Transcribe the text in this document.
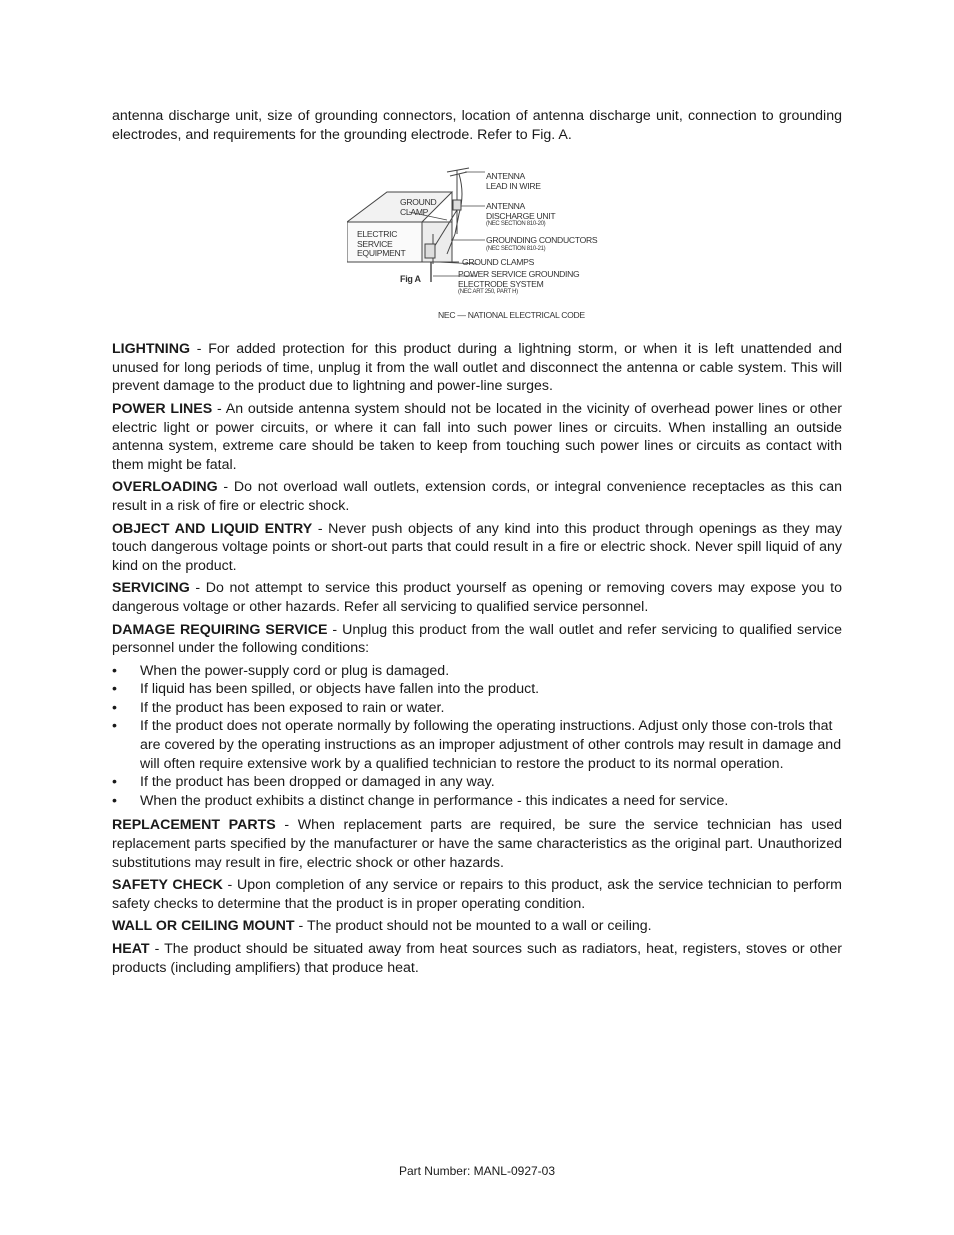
antenna discharge unit, size of grounding connectors, location of antenna discharge unit, connection to grounding electrodes, and requirements for the grounding electrode. Refer to Fig. A.

ANTENNA
LEAD IN WIRE
ANTENNA
DISCHARGE UNIT
(NEC SECTION 810-20)
GROUND
CLAMP
ELECTRIC
SERVICE
EQUIPMENT
GROUNDING CONDUCTORS
(NEC SECTION 810-21)
GROUND CLAMPS
POWER SERVICE GROUNDING
ELECTRODE SYSTEM
(NEC ART 250, PART H)
Fig A
NEC — NATIONAL ELECTRICAL CODE

LIGHTNING - For added protection for this product during a lightning storm, or when it is left unattended and unused for long periods of time, unplug it from the wall outlet and disconnect the antenna or cable system. This will prevent damage to the product due to lightning and power-line surges.

POWER LINES - An outside antenna system should not be located in the vicinity of overhead power lines or other electric light or power circuits, or where it can fall into such power lines or circuits. When installing an outside antenna system, extreme care should be taken to keep from touching such power lines or circuits as contact with them might be fatal.

OVERLOADING - Do not overload wall outlets, extension cords, or integral convenience receptacles as this can result in a risk of fire or electric shock.

OBJECT AND LIQUID ENTRY - Never push objects of any kind into this product through openings as they may touch dangerous voltage points or short-out parts that could result in a fire or electric shock. Never spill liquid of any kind on the product.

SERVICING - Do not attempt to service this product yourself as opening or removing covers may expose you to dangerous voltage or other hazards. Refer all servicing to qualified service personnel.

DAMAGE REQUIRING SERVICE - Unplug this product from the wall outlet and refer servicing to qualified service personnel under the following conditions:

• When the power-supply cord or plug is damaged.
• If liquid has been spilled, or objects have fallen into the product.
• If the product has been exposed to rain or water.
• If the product does not operate normally by following the operating instructions. Adjust only those con-trols that are covered by the operating instructions as an improper adjustment of other controls may result in damage and will often require extensive work by a qualified technician to restore the product to its normal operation.
• If the product has been dropped or damaged in any way.
• When the product exhibits a distinct change in performance - this indicates a need for service.

REPLACEMENT PARTS - When replacement parts are required, be sure the service technician has used replacement parts specified by the manufacturer or have the same characteristics as the original part. Unauthorized substitutions may result in fire, electric shock or other hazards.

SAFETY CHECK - Upon completion of any service or repairs to this product, ask the service technician to perform safety checks to determine that the product is in proper operating condition.

WALL OR CEILING MOUNT - The product should not be mounted to a wall or ceiling.

HEAT - The product should be situated away from heat sources such as radiators, heat, registers, stoves or other products (including amplifiers) that produce heat.

Part Number: MANL-0927-03
